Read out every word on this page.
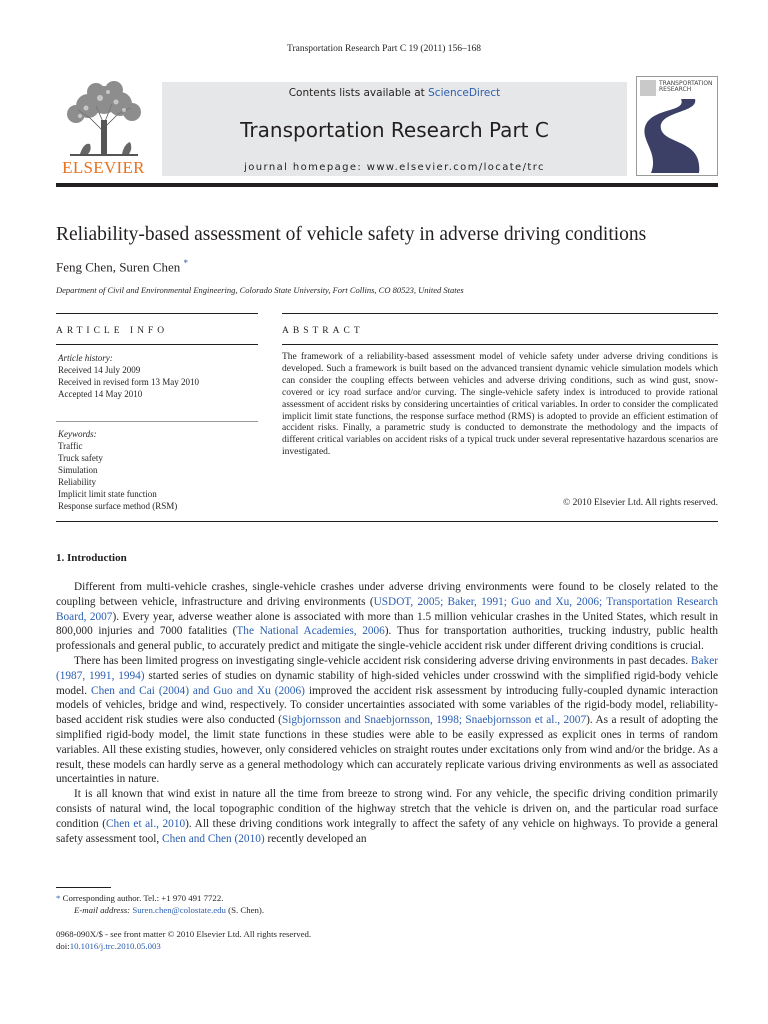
Transportation Research Part C 19 (2011) 156–168
ELSEVIER
Contents lists available at ScienceDirect
Transportation Research Part C
journal homepage: www.elsevier.com/locate/trc
TRANSPORTATION
RESEARCH
Reliability-based assessment of vehicle safety in adverse driving conditions
Feng Chen, Suren Chen *
Department of Civil and Environmental Engineering, Colorado State University, Fort Collins, CO 80523, United States
ARTICLE INFO	ABSTRACT
Article history:
Received 14 July 2009
Received in revised form 13 May 2010
Accepted 14 May 2010
Keywords:
Traffic
Truck safety
Simulation
Reliability
Implicit limit state function
Response surface method (RSM)
The framework of a reliability-based assessment model of vehicle safety under adverse driving conditions is developed. Such a framework is built based on the advanced transient dynamic vehicle simulation models which can consider the coupling effects between vehicles and adverse driving conditions, such as wind gust, snow-covered or icy road surface and/or curving. The single-vehicle safety index is introduced to provide rational assessment of accident risks by considering uncertainties of critical variables. In order to consider the complicated implicit limit state functions, the response surface method (RMS) is adopted to provide an efficient estimation of accident risks. Finally, a parametric study is conducted to demonstrate the methodology and the impacts of different critical variables on accident risks of a typical truck under several representative hazardous scenarios are investigated.
© 2010 Elsevier Ltd. All rights reserved.
1. Introduction

Different from multi-vehicle crashes, single-vehicle crashes under adverse driving environments were found to be closely related to the coupling between vehicle, infrastructure and driving environments (USDOT, 2005; Baker, 1991; Guo and Xu, 2006; Transportation Research Board, 2007). Every year, adverse weather alone is associated with more than 1.5 million vehicular crashes in the United States, which result in 800,000 injuries and 7000 fatalities (The National Academies, 2006). Thus for transportation authorities, trucking industry, public health professionals and general public, to accurately predict and mitigate the single-vehicle accident risk under different driving conditions is crucial.

There has been limited progress on investigating single-vehicle accident risk considering adverse driving environments in past decades. Baker (1987, 1991, 1994) started series of studies on dynamic stability of high-sided vehicles under crosswind with the simplified rigid-body vehicle model. Chen and Cai (2004) and Guo and Xu (2006) improved the accident risk assessment by introducing fully-coupled dynamic interaction models of vehicles, bridge and wind, respectively. To consider uncertainties associated with some variables of the rigid-body model, reliability-based accident risk studies were also conducted (Sigbjornsson and Snaebjornsson, 1998; Snaebjornsson et al., 2007). As a result of adopting the simplified rigid-body model, the limit state functions in these studies were able to be easily expressed as explicit ones in terms of random variables. All these existing studies, however, only considered vehicles on straight routes under excitations only from wind and/or the bridge. As a result, these models can hardly serve as a general methodology which can accurately replicate various driving environments as well as associated uncertainties in nature.

It is all known that wind exist in nature all the time from breeze to strong wind. For any vehicle, the specific driving condition primarily consists of natural wind, the local topographic condition of the highway stretch that the vehicle is driven on, and the particular road surface condition (Chen et al., 2010). All these driving conditions work integrally to affect the safety of any vehicle on highways. To provide a general safety assessment tool, Chen and Chen (2010) recently developed an

* Corresponding author. Tel.: +1 970 491 7722.
E-mail address: Suren.chen@colostate.edu (S. Chen).
0968-090X/$ - see front matter © 2010 Elsevier Ltd. All rights reserved.
doi:10.1016/j.trc.2010.05.003
